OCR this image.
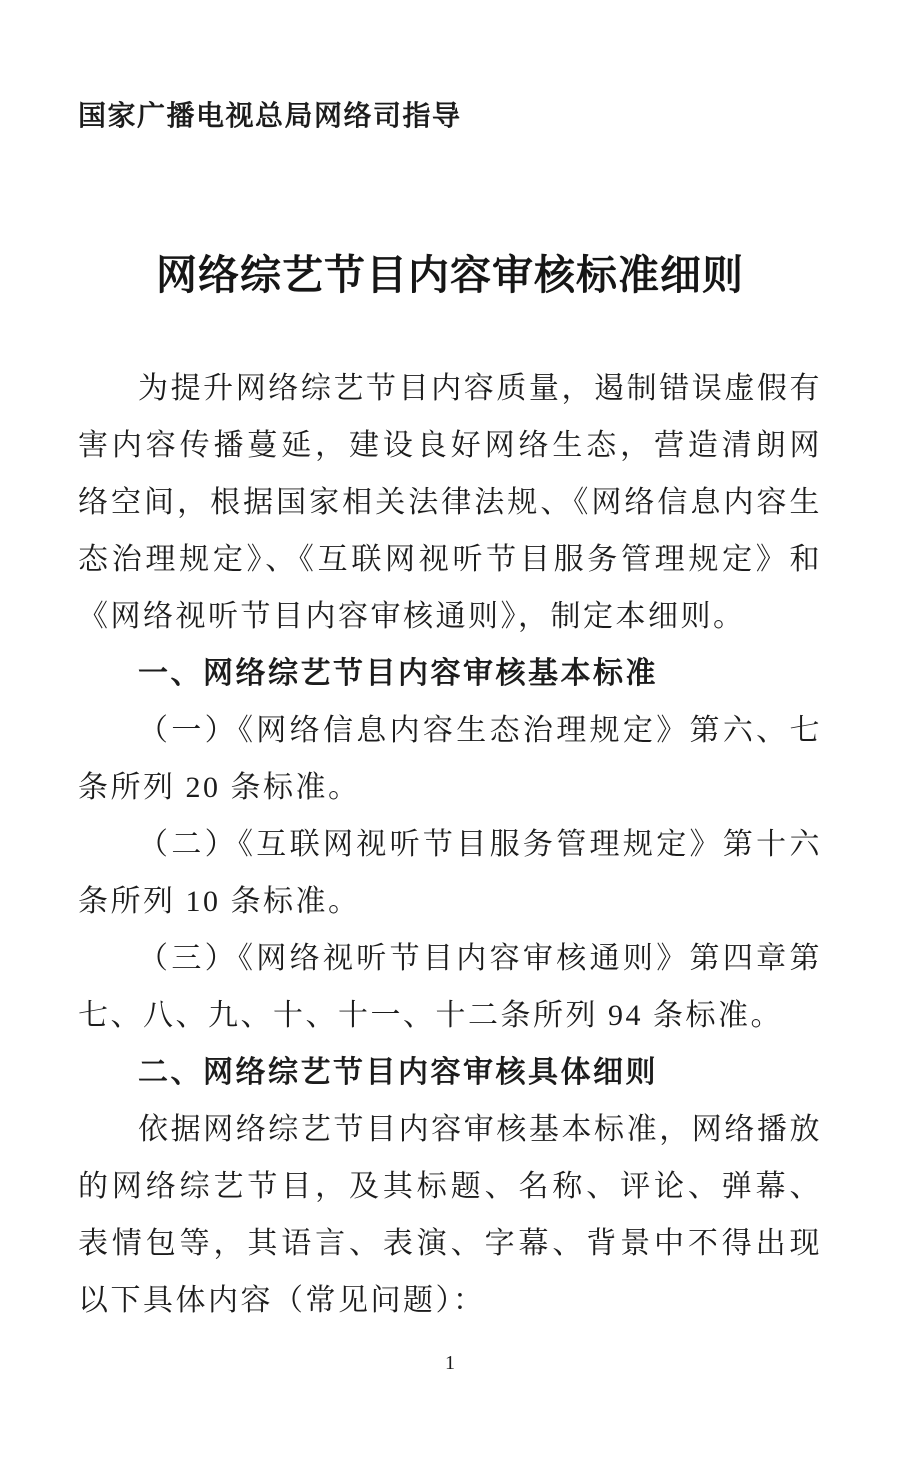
国家广播电视总局网络司指导
网络综艺节目内容审核标准细则

为提升网络综艺节目内容质量，遏制错误虚假有害内容传播蔓延，建设良好网络生态，营造清朗网络空间，根据国家相关法律法规、《网络信息内容生态治理规定》、《互联网视听节目服务管理规定》和《网络视听节目内容审核通则》，制定本细则。

一、网络综艺节目内容审核基本标准

（一）《网络信息内容生态治理规定》第六、七条所列 20 条标准。

（二）《互联网视听节目服务管理规定》第十六条所列 10 条标准。

（三）《网络视听节目内容审核通则》第四章第七、八、九、十、十一、十二条所列 94 条标准。

二、网络综艺节目内容审核具体细则

依据网络综艺节目内容审核基本标准，网络播放的网络综艺节目，及其标题、名称、评论、弹幕、表情包等，其语言、表演、字幕、背景中不得出现以下具体内容（常见问题）：

1
